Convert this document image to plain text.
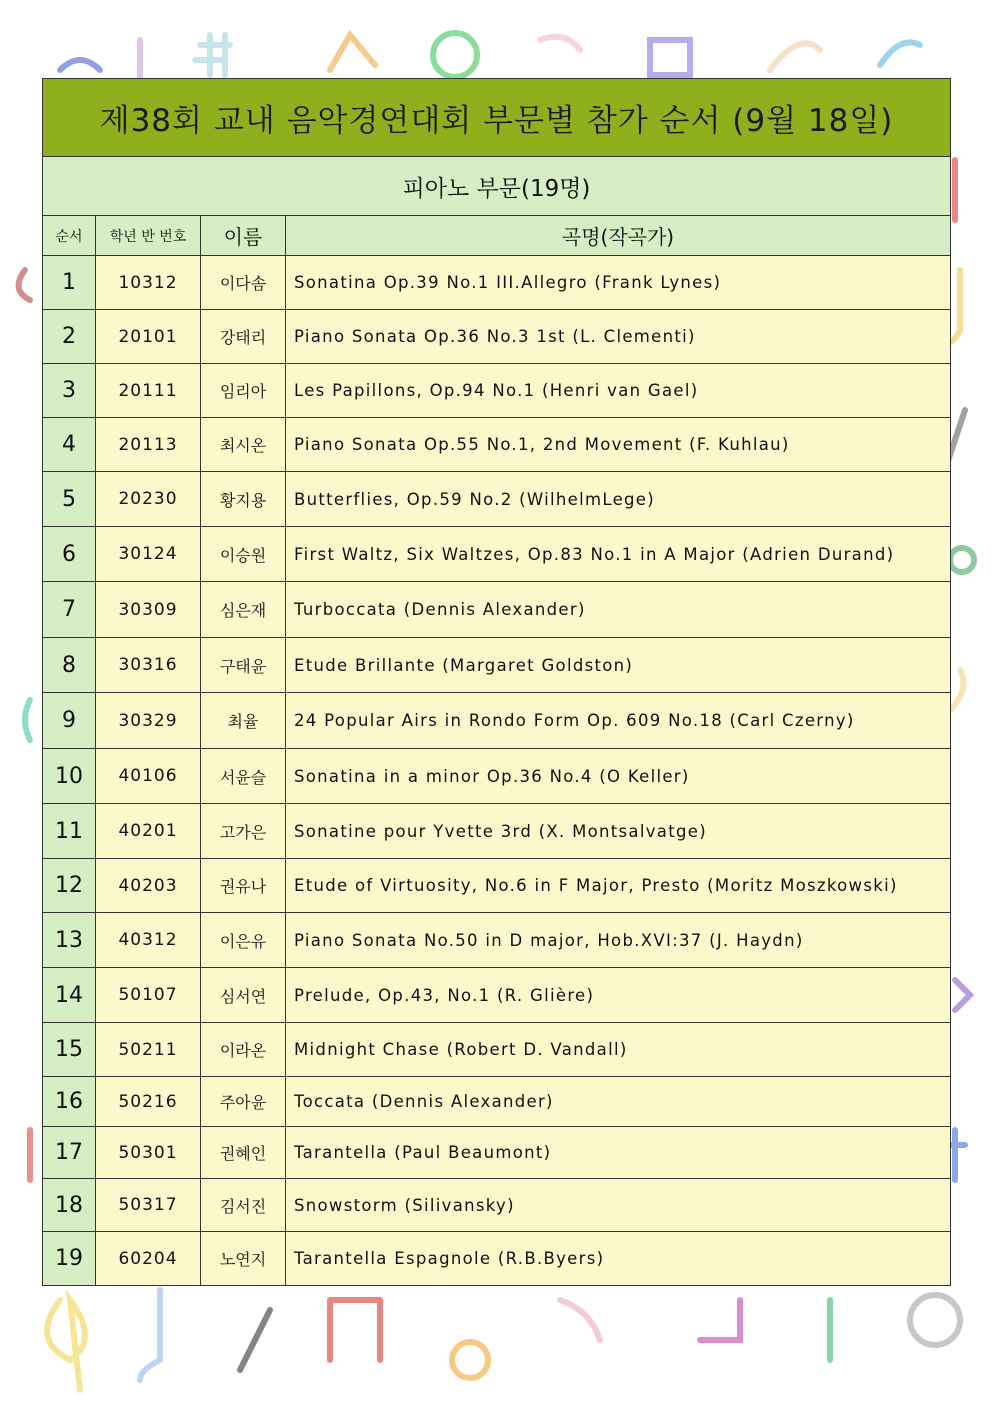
제38회 교내 음악경연대회 부문별 참가 순서 (9월 18일)			
피아노 부문(19명)			
순서	학년 반 번호	이름	곡명(작곡가)
1	10312	이다솜	Sonatina Op.39 No.1 III.Allegro (Frank Lynes)
2	20101	강태리	Piano Sonata Op.36 No.3 1st (L. Clementi)
3	20111	임리아	Les Papillons, Op.94 No.1 (Henri van Gael)
4	20113	최시온	Piano Sonata Op.55 No.1, 2nd Movement (F. Kuhlau)
5	20230	황지용	Butterflies, Op.59 No.2 (WilhelmLege)
6	30124	이승원	First Waltz, Six Waltzes, Op.83 No.1 in A Major (Adrien Durand)
7	30309	심은재	Turboccata (Dennis Alexander)
8	30316	구태윤	Etude Brillante (Margaret Goldston)
9	30329	최율	24 Popular Airs in Rondo Form Op. 609 No.18 (Carl Czerny)
10	40106	서윤슬	Sonatina in a minor Op.36 No.4 (O Keller)
11	40201	고가은	Sonatine pour Yvette 3rd (X. Montsalvatge)
12	40203	권유나	Etude of Virtuosity, No.6 in F Major, Presto (Moritz Moszkowski)
13	40312	이은유	Piano Sonata No.50 in D major, Hob.XVI:37 (J. Haydn)
14	50107	심서연	Prelude, Op.43, No.1 (R. Glière)
15	50211	이라온	Midnight Chase (Robert D. Vandall)
16	50216	주아윤	Toccata (Dennis Alexander)
17	50301	권혜인	Tarantella (Paul Beaumont)
18	50317	김서진	Snowstorm (Silivansky)
19	60204	노연지	Tarantella Espagnole (R.B.Byers)
